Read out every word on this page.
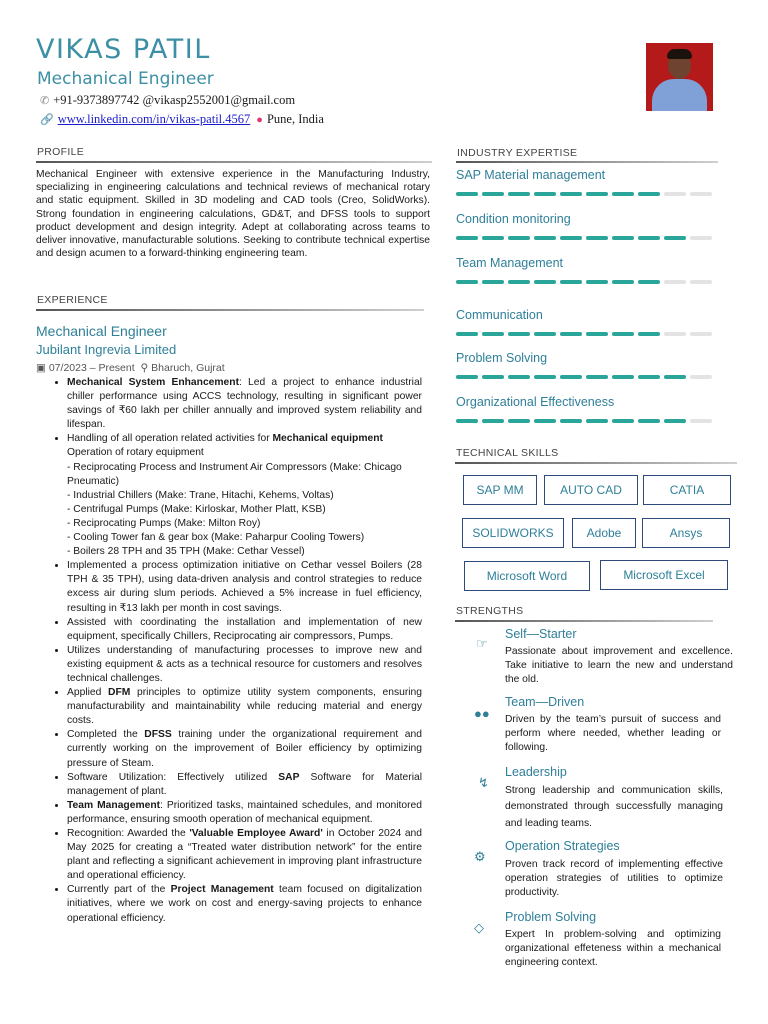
VIKAS PATIL
Mechanical Engineer
✆ +91-9373897742 @vikasp2552001@gmail.com
🔗 www.linkedin.com/in/vikas-patil.4567 ● Pune, India
PROFILE
Mechanical Engineer with extensive experience in the Manufacturing Industry, specializing in engineering calculations and technical reviews of mechanical rotary and static equipment. Skilled in 3D modeling and CAD tools (Creo, SolidWorks). Strong foundation in engineering calculations, GD&T, and DFSS tools to support product development and design integrity. Adept at collaborating across teams to deliver innovative, manufacturable solutions. Seeking to contribute technical expertise and design acumen to a forward-thinking engineering team.
EXPERIENCE
Mechanical Engineer
Jubilant Ingrevia Limited
▣ 07/2023 – Present ⚲ Bharuch, Gujrat
• Mechanical System Enhancement: Led a project to enhance industrial chiller performance using ACCS technology, resulting in significant power savings of ₹60 lakh per chiller annually and improved system reliability and lifespan.
• Handling of all operation related activities for Mechanical equipment Operation of rotary equipment
- Reciprocating Process and Instrument Air Compressors (Make: Chicago Pneumatic)
- Industrial Chillers (Make: Trane, Hitachi, Kehems, Voltas)
- Centrifugal Pumps (Make: Kirloskar, Mother Platt, KSB)
- Reciprocating Pumps (Make: Milton Roy)
- Cooling Tower fan & gear box (Make: Paharpur Cooling Towers)
- Boilers 28 TPH and 35 TPH (Make: Cethar Vessel)
• Implemented a process optimization initiative on Cethar vessel Boilers (28 TPH & 35 TPH), using data-driven analysis and control strategies to reduce excess air during slum periods. Achieved a 5% increase in fuel efficiency, resulting in ₹13 lakh per month in cost savings.
• Assisted with coordinating the installation and implementation of new equipment, specifically Chillers, Reciprocating air compressors, Pumps.
• Utilizes understanding of manufacturing processes to improve new and existing equipment & acts as a technical resource for customers and resolves technical challenges.
• Applied DFM principles to optimize utility system components, ensuring manufacturability and maintainability while reducing material and energy costs.
• Completed the DFSS training under the organizational requirement and currently working on the improvement of Boiler efficiency by optimizing pressure of Steam.
• Software Utilization: Effectively utilized SAP Software for Material management of plant.
• Team Management: Prioritized tasks, maintained schedules, and monitored performance, ensuring smooth operation of mechanical equipment.
• Recognition: Awarded the 'Valuable Employee Award' in October 2024 and May 2025 for creating a “Treated water distribution network” for the entire plant and reflecting a significant achievement in improving plant infrastructure and operational efficiency.
• Currently part of the Project Management team focused on digitalization initiatives, where we work on cost and energy-saving projects to enhance operational efficiency.
INDUSTRY EXPERTISE
SAP Material management
Condition monitoring
Team Management
Communication
Problem Solving
Organizational Effectiveness
TECHNICAL SKILLS
SAP MM	AUTO CAD	CATIA
SOLIDWORKS	Adobe	Ansys
Microsoft Word	Microsoft Excel
STRENGTHS
☞
Self—Starter
Passionate about improvement and excellence. Take initiative to learn the new and understand the old.
●●
Team—Driven
Driven by the team’s pursuit of success and perform where needed, whether leading or following.
↯
Leadership
Strong leadership and communication skills, demonstrated through successfully managing and leading teams.
⚙
Operation Strategies
Proven track record of implementing effective operation strategies of utilities to optimize productivity.
◇
Problem Solving
Expert In problem-solving and optimizing organizational effeteness within a mechanical engineering context.
